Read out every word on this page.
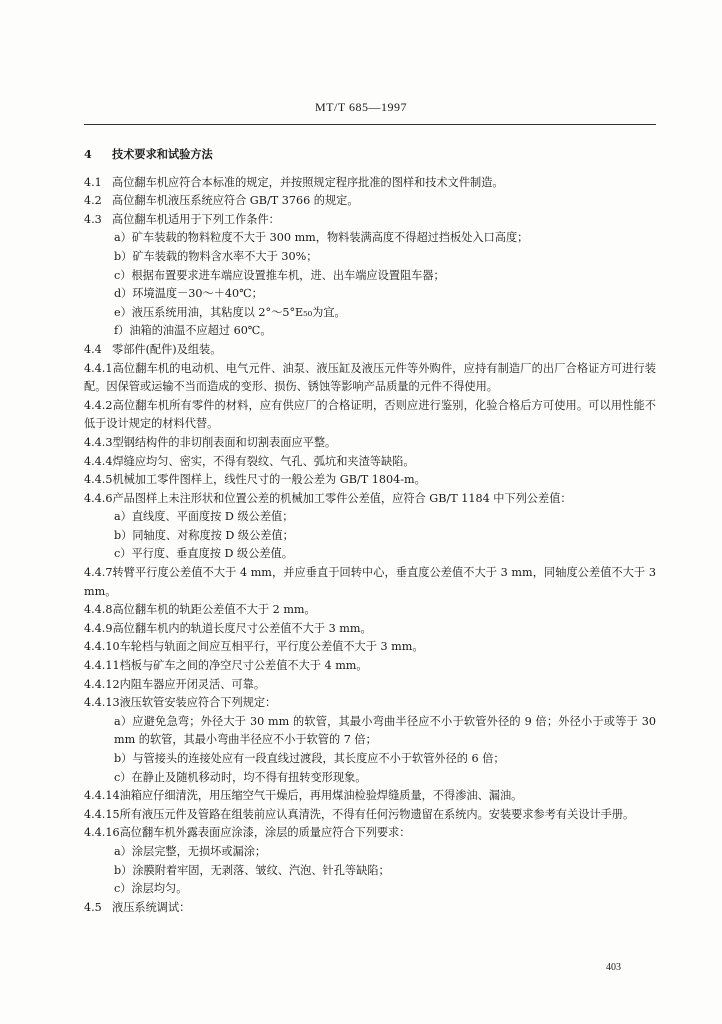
MT/T 685—1997

4 技术要求和试验方法

4.1 高位翻车机应符合本标准的规定，并按照规定程序批准的图样和技术文件制造。

4.2 高位翻车机液压系统应符合 GB/T 3766 的规定。

4.3 高位翻车机适用于下列工作条件：

a）矿车装载的物料粒度不大于 300 mm，物料装满高度不得超过挡板处入口高度；

b）矿车装载的物料含水率不大于 30%；

c）根据布置要求进车端应设置推车机，进、出车端应设置阻车器；

d）环境温度－30～＋40℃；

e）液压系统用油，其粘度以 2°～5°E₅₀为宜。

f）油箱的油温不应超过 60℃。

4.4 零部件(配件)及组装。

4.4.1高位翻车机的电动机、电气元件、油泵、液压缸及液压元件等外购件，应持有制造厂的出厂合格证方可进行装配。因保管或运输不当而造成的变形、损伤、锈蚀等影响产品质量的元件不得使用。

4.4.2高位翻车机所有零件的材料，应有供应厂的合格证明，否则应进行鉴别，化验合格后方可使用。可以用性能不低于设计规定的材料代替。

4.4.3型钢结构件的非切削表面和切割表面应平整。

4.4.4焊缝应均匀、密实，不得有裂纹、气孔、弧坑和夹渣等缺陷。

4.4.5机械加工零件图样上，线性尺寸的一般公差为 GB/T 1804-m。

4.4.6产品图样上未注形状和位置公差的机械加工零件公差值，应符合 GB/T 1184 中下列公差值：

a）直线度、平面度按 D 级公差值；

b）同轴度、对称度按 D 级公差值；

c）平行度、垂直度按 D 级公差值。

4.4.7转臂平行度公差值不大于 4 mm，并应垂直于回转中心，垂直度公差值不大于 3 mm，同轴度公差值不大于 3 mm。

4.4.8高位翻车机的轨距公差值不大于 2 mm。

4.4.9高位翻车机内的轨道长度尺寸公差值不大于 3 mm。

4.4.10车轮档与轨面之间应互相平行，平行度公差值不大于 3 mm。

4.4.11档板与矿车之间的净空尺寸公差值不大于 4 mm。

4.4.12内阻车器应开闭灵活、可靠。

4.4.13液压软管安装应符合下列规定：

a）应避免急弯；外径大于 30 mm 的软管，其最小弯曲半径应不小于软管外径的 9 倍；外径小于或等于 30 mm 的软管，其最小弯曲半径应不小于软管的 7 倍；

b）与管接头的连接处应有一段直线过渡段，其长度应不小于软管外径的 6 倍；

c）在静止及随机移动时，均不得有扭转变形现象。

4.4.14油箱应仔细清洗，用压缩空气干燥后，再用煤油检验焊缝质量，不得渗油、漏油。

4.4.15所有液压元件及管路在组装前应认真清洗，不得有任何污物遗留在系统内。安装要求参考有关设计手册。

4.4.16高位翻车机外露表面应涂漆，涂层的质量应符合下列要求：

a）涂层完整，无损坏或漏涂；

b）涂膜附着牢固，无剥落、皱纹、汽泡、针孔等缺陷；

c）涂层均匀。

4.5 液压系统调试：

403
